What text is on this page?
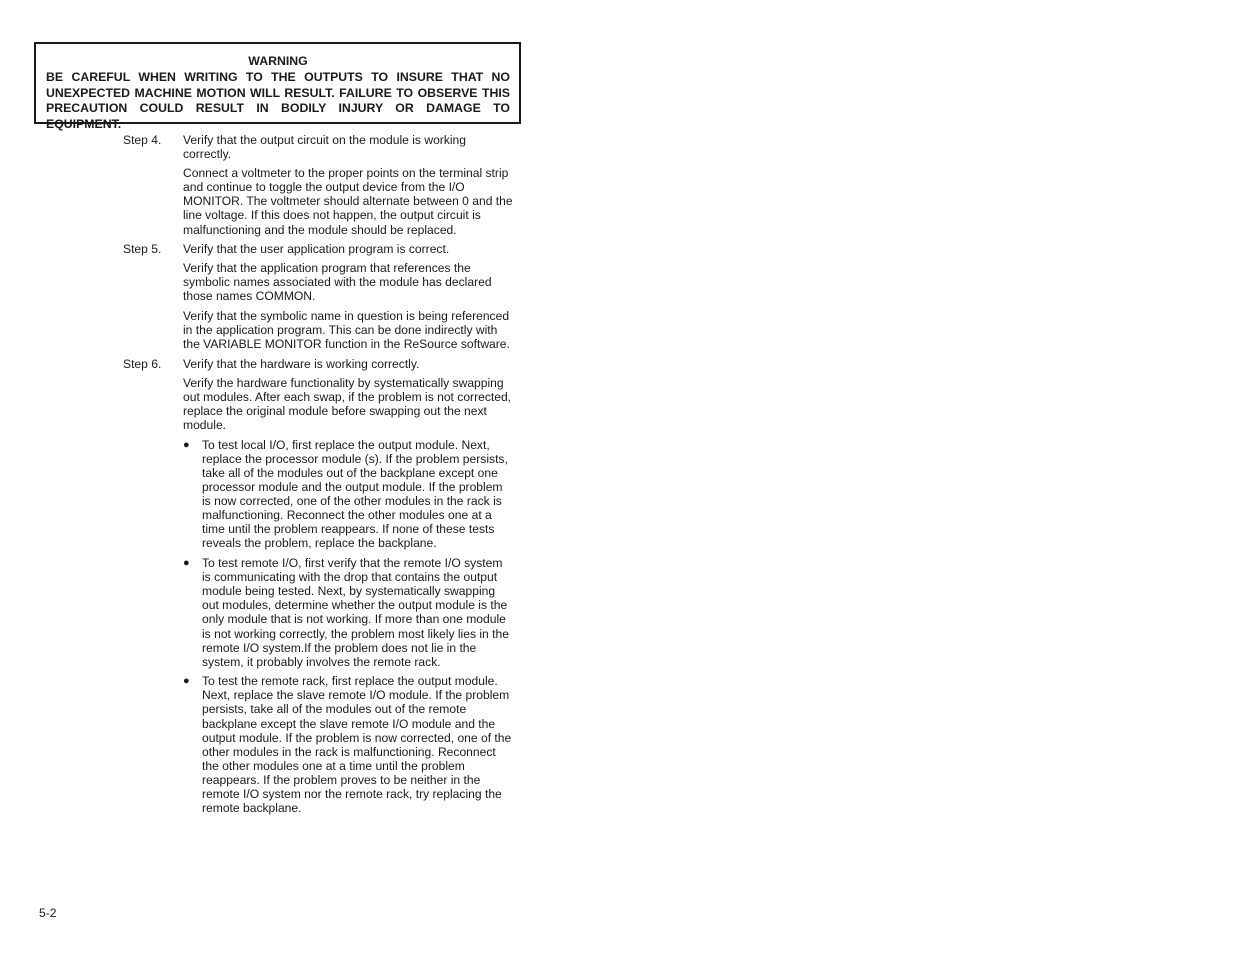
WARNING
BE CAREFUL WHEN WRITING TO THE OUTPUTS TO INSURE THAT NO
UNEXPECTED MACHINE MOTION WILL RESULT. FAILURE TO OBSERVE THIS
PRECAUTION COULD RESULT IN BODILY INJURY OR DAMAGE TO EQUIPMENT.
Step 4.	Verify that the output circuit on the module is working correctly.
Connect a voltmeter to the proper points on the terminal strip and continue to toggle the output device from the I/O MONITOR. The voltmeter should alternate between 0 and the line voltage. If this does not happen, the output circuit is malfunctioning and the module should be replaced.
Step 5.	Verify that the user application program is correct.
Verify that the application program that references the symbolic names associated with the module has declared those names COMMON.
Verify that the symbolic name in question is being referenced in the application program. This can be done indirectly with the VARIABLE MONITOR function in the ReSource software.
Step 6.	Verify that the hardware is working correctly.
Verify the hardware functionality by systematically swapping out modules. After each swap, if the problem is not corrected, replace the original module before swapping out the next module.
●	To test local I/O, first replace the output module. Next, replace the processor module (s). If the problem persists, take all of the modules out of the backplane except one processor module and the output module. If the problem is now corrected, one of the other modules in the rack is malfunctioning. Reconnect the other modules one at a time until the problem reappears. If none of these tests reveals the problem, replace the backplane.
●	To test remote I/O, first verify that the remote I/O system is communicating with the drop that contains the output module being tested. Next, by systematically swapping out modules, determine whether the output module is the only module that is not working. If more than one module is not working correctly, the problem most likely lies in the remote I/O system.If the problem does not lie in the system, it probably involves the remote rack.
●	To test the remote rack, first replace the output module. Next, replace the slave remote I/O module. If the problem persists, take all of the modules out of the remote backplane except the slave remote I/O module and the output module. If the problem is now corrected, one of the other modules in the rack is malfunctioning. Reconnect the other modules one at a time until the problem reappears. If the problem proves to be neither in the remote I/O system nor the remote rack, try replacing the remote backplane.
5-2
